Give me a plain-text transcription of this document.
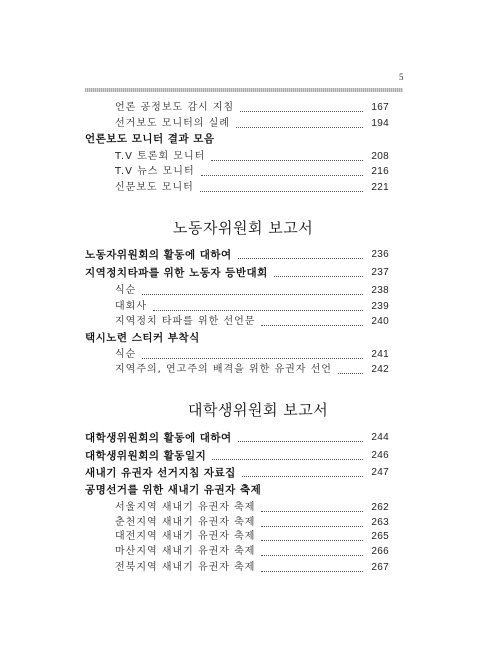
5
언론 공정보도 감시 지침	167
선거보도 모니터의 실례	194
언론보도 모니터 결과 모음
T.V 토론회 모니터	208
T.V 뉴스 모니터	216
신문보도 모니터	221
노동자위원회 보고서
노동자위원회의 활동에 대하여	236
지역정치타파를 위한 노동자 등반대회	237
식순	238
대회사	239
지역정치 타파를 위한 선언문	240
택시노련 스티커 부착식
식순	241
지역주의, 연고주의 배격을 위한 유권자 선언	242
대학생위원회 보고서
대학생위원회의 활동에 대하여	244
대학생위원회의 활동일지	246
새내기 유권자 선거지침 자료집	247
공명선거를 위한 새내기 유권자 축제
서울지역 새내기 유권자 축제	262
춘천지역 새내기 유권자 축제	263
대전지역 새내기 유권자 축제	265
마산지역 새내기 유권자 축제	266
전북지역 새내기 유권자 축제	267
